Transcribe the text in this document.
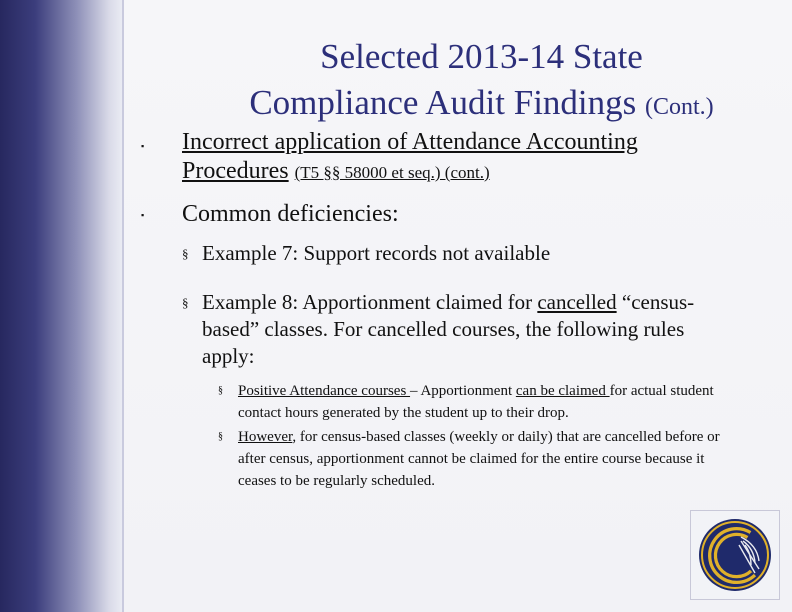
Selected 2013-14 State
Compliance Audit Findings (Cont.)
▪ Incorrect application of Attendance Accounting Procedures (T5 §§ 58000 et seq.) (cont.)
▪ Common deficiencies:
§ Example 7: Support records not available
§ Example 8: Apportionment claimed for cancelled “census-based” classes. For cancelled courses, the following rules apply:
§ Positive Attendance courses – Apportionment can be claimed for actual student contact hours generated by the student up to their drop.
§ However, for census-based classes (weekly or daily) that are cancelled before or after census, apportionment cannot be claimed for the entire course because it ceases to be regularly scheduled.
